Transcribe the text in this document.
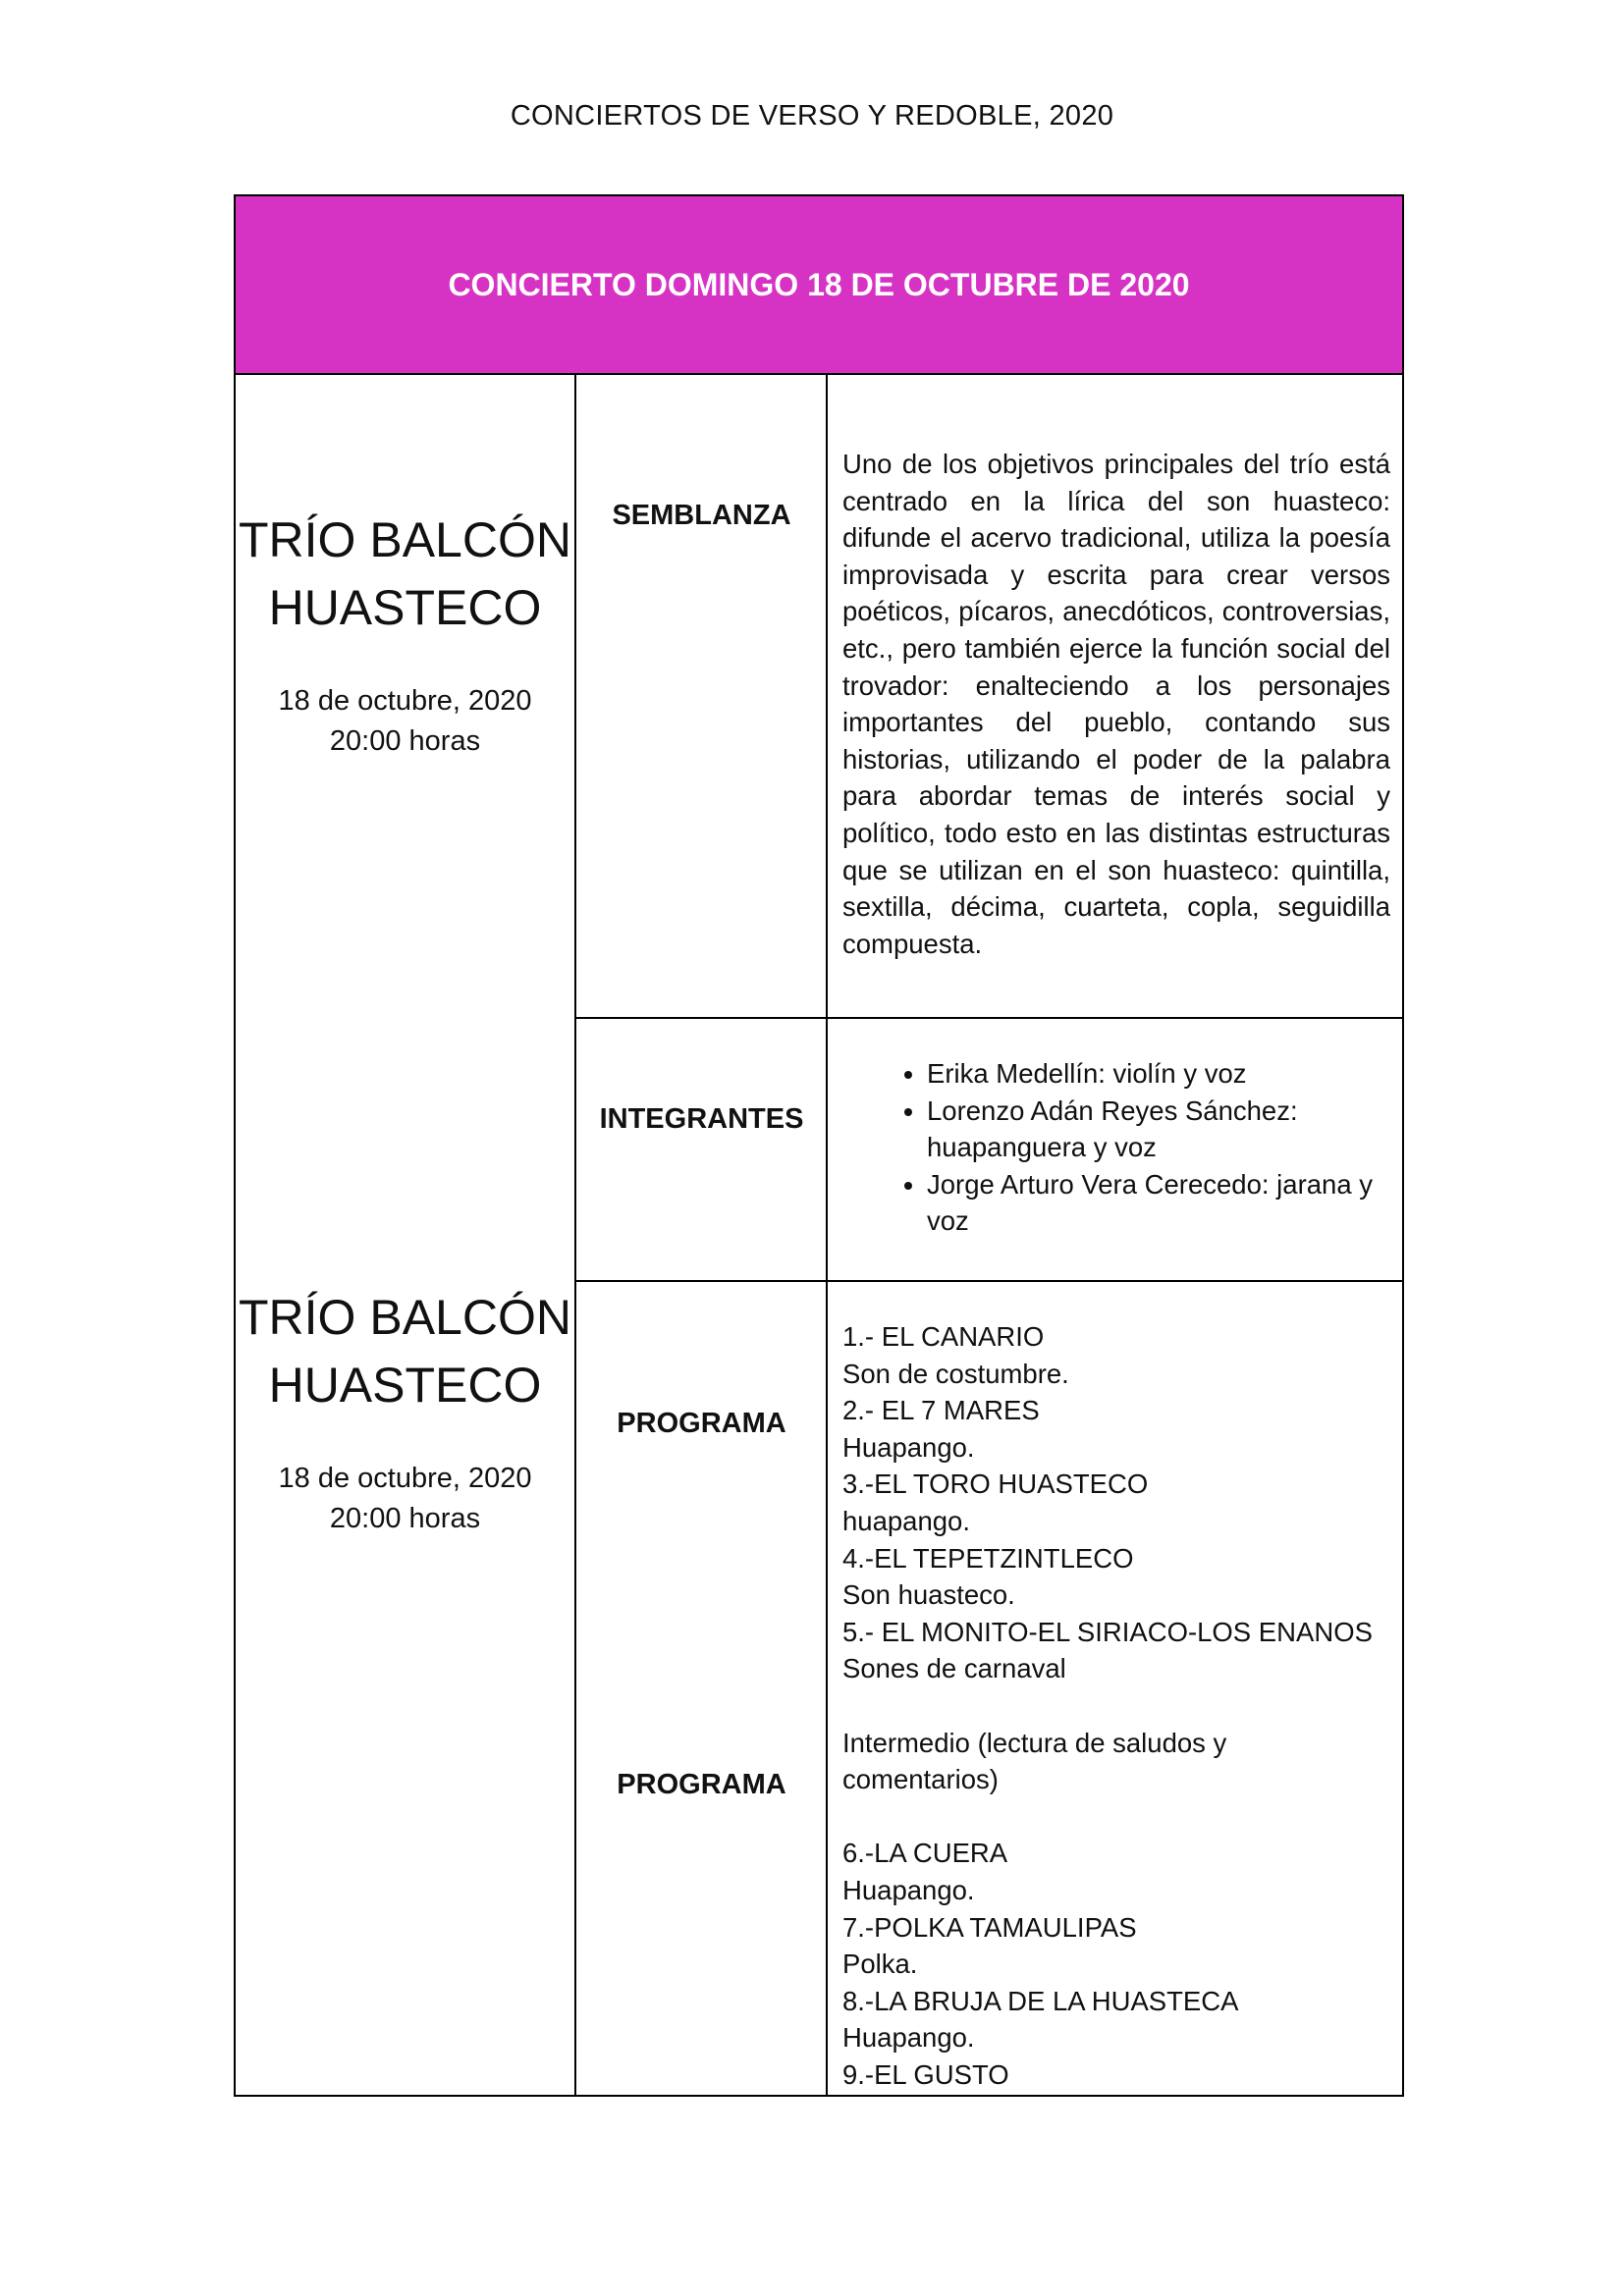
CONCIERTOS DE VERSO Y REDOBLE, 2020
CONCIERTO DOMINGO 18 DE OCTUBRE DE 2020
TRÍO BALCÓN
HUASTECO
18 de octubre, 2020
20:00 horas
TRÍO BALCÓN
HUASTECO
18 de octubre, 2020
20:00 horas
SEMBLANZA
INTEGRANTES
PROGRAMA
PROGRAMA

Uno de los objetivos principales del trío está centrado en la lírica del son huasteco: difunde el acervo tradicional, utiliza la poesía improvisada y escrita para crear versos poéticos, pícaros, anecdóticos, controversias, etc., pero también ejerce la función social del trovador: enalteciendo a los personajes importantes del pueblo, contando sus historias, utilizando el poder de la palabra para abordar temas de interés social y político, todo esto en las distintas estructuras que se utilizan en el son huasteco: quintilla, sextilla, décima, cuarteta, copla, seguidilla compuesta.

• Erika Medellín: violín y voz
• Lorenzo Adán Reyes Sánchez: huapanguera y voz
• Jorge Arturo Vera Cerecedo: jarana y voz
1.- EL CANARIO
Son de costumbre.
2.- EL 7 MARES
Huapango.
3.-EL TORO HUASTECO
huapango.
4.-EL TEPETZINTLECO
Son huasteco.
5.- EL MONITO-EL SIRIACO-LOS ENANOS
Sones de carnaval
Intermedio (lectura de saludos y
comentarios)
6.-LA CUERA
Huapango.
7.-POLKA TAMAULIPAS
Polka.
8.-LA BRUJA DE LA HUASTECA
Huapango.
9.-EL GUSTO
